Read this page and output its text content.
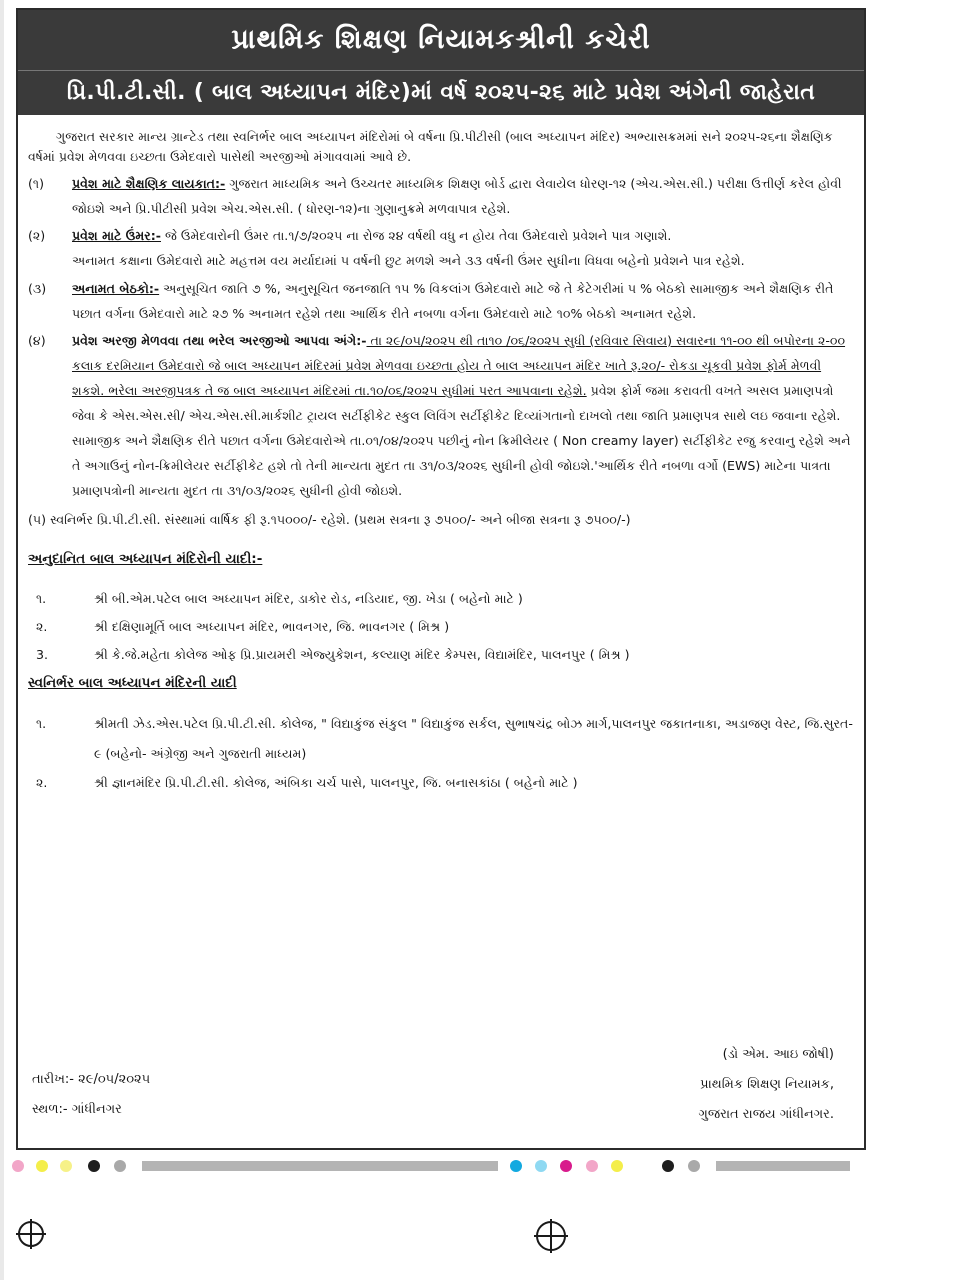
પ્રાથમિક શિક્ષણ નિયામકશ્રીની કચેરી
પ્રિ.પી.ટી.સી. ( બાલ અધ્યાપન મંદિર)માં વર્ષ ૨૦૨૫-૨૬ માટે પ્રવેશ અંગેની જાહેરાત

ગુજરાત સરકાર માન્ય ગ્રાન્ટેડ તથા સ્વનિર્ભર બાલ અધ્યાપન મંદિરોમાં બે વર્ષના પ્રિ.પીટીસી (બાલ અધ્યાપન મંદિર) અભ્યાસક્રમમાં સને ૨૦૨૫-૨૬ના શૈક્ષણિક વર્ષમાં પ્રવેશ મેળવવા ઇચ્છતા ઉમેદવારો પાસેથી અરજીઓ મંગાવવામાં આવે છે.

(૧)	પ્રવેશ માટે શૈક્ષણિક લાયકાત:- ગુજરાત માધ્યમિક અને ઉચ્ચતર માધ્યમિક શિક્ષણ બોર્ડ દ્વારા લેવાયેલ ધોરણ-૧૨ (એચ.એસ.સી.) પરીક્ષા ઉત્તીર્ણ કરેલ હોવી જોઇશે અને પ્રિ.પીટીસી પ્રવેશ એચ.એસ.સી. ( ધોરણ-૧૨)ના ગુણાનુક્રમે મળવાપાત્ર રહેશે.
(૨)	પ્રવેશ માટે ઉંમર:- જે ઉમેદવારોની ઉંમર તા.૧/૭/૨૦૨૫ ના રોજ ૨૪ વર્ષથી વધુ ન હોય તેવા ઉમેદવારો પ્રવેશને પાત્ર ગણાશે.
અનામત કક્ષાના ઉમેદવારો માટે મહત્તમ વય મર્યાદામાં ૫ વર્ષની છુટ મળશે અને ૩૩ વર્ષની ઉંમર સુધીના વિધવા બહેનો પ્રવેશને પાત્ર રહેશે.
(૩)	અનામત બેઠકો:- અનુસૂચિત જાતિ ૭ %, અનુસૂચિત જનજાતિ ૧૫ % વિકલાંગ ઉમેદવારો માટે જે તે કેટેગરીમાં ૫ % બેઠકો સામાજીક અને શૈક્ષણિક રીતે પછાત વર્ગના ઉમેદવારો માટે ૨૭ % અનામત રહેશે તથા આર્થિક રીતે નબળા વર્ગના ઉમેદવારો માટે ૧૦% બેઠકો અનામત રહેશે.
(૪)	પ્રવેશ અરજી મેળવવા તથા ભરેલ અરજીઓ આપવા અંગે:- તા ૨૯/૦૫/૨૦૨૫ થી તા૧૦ /૦૬/૨૦૨૫ સુધી (રવિવાર સિવાય) સવારના ૧૧-૦૦ થી બપોરના ૨-૦૦ કલાક દરમિયાન ઉમેદવારો જે બાલ અધ્યાપન મંદિરમાં પ્રવેશ મેળવવા ઇચ્છતા હોય તે બાલ અધ્યાપન મંદિર ખાતે રૂ.૨૦/- રોકડા ચૂકવી પ્રવેશ ફોર્મ મેળવી શકશે. ભરેલા અરજીપત્રક તે જ બાલ અધ્યાપન મંદિરમાં તા.૧૦/૦૬/૨૦૨૫ સુધીમાં પરત આપવાના રહેશે. પ્રવેશ ફોર્મ જમા કરાવતી વખતે અસલ પ્રમાણપત્રો જેવા કે એસ.એસ.સી/ એચ.એસ.સી.માર્કશીટ ટ્રાયલ સર્ટીફીકેટ સ્કુલ લિવિંગ સર્ટીફીકેટ દિવ્યાંગતાનો દાખલો તથા જાતિ પ્રમાણપત્ર સાથે લઇ જવાના રહેશે. સામાજીક અને શૈક્ષણિક રીતે પછાત વર્ગના ઉમેદવારોએ તા.૦૧/૦૪/૨૦૨૫ પછીનું નોન ક્રિમીલેયર ( Non creamy layer) સર્ટીફીકેટ રજુ કરવાનુ રહેશે અને તે અગાઉનું નોન-ક્રિમીલેયર સર્ટીફીકેટ હશે તો તેની માન્યતા મુદત તા ૩૧/૦૩/૨૦૨૬ સુધીની હોવી જોઇશે.'આર્થિક રીતે નબળા વર્ગો (EWS) માટેના પાત્રતા પ્રમાણપત્રોની માન્યતા મુદત તા ૩૧/૦૩/૨૦૨૬ સુધીની હોવી જોઇશે.
(૫) સ્વનિર્ભર પ્રિ.પી.ટી.સી. સંસ્થામાં વાર્ષિક ફી રૂ.૧૫૦૦૦/- રહેશે. (પ્રથમ સત્રના રૂ ૭૫૦૦/- અને બીજા સત્રના રૂ ૭૫૦૦/-)
અનુદાનિત બાલ અધ્યાપન મંદિરોની યાદી:-
૧.	શ્રી બી.એમ.પટેલ બાલ અધ્યાપન મંદિર, ડાકોર રોડ, નડિયાદ, જી. ખેડા ( બહેનો માટે )
૨.	શ્રી દક્ષિણામૂર્તિ બાલ અધ્યાપન મંદિર, ભાવનગર, જિ. ભાવનગર ( મિશ્ર )
3.	શ્રી કે.જે.મહેતા કોલેજ ઓફ પ્રિ.પ્રાયમરી એજ્યુકેશન, કલ્યાણ મંદિર કેમ્પસ, વિદ્યામંદિર, પાલનપુર ( મિશ્ર )
સ્વનિર્ભર બાલ અધ્યાપન મંદિરની યાદી
૧.	શ્રીમતી ઝેડ.એસ.પટેલ પ્રિ.પી.ટી.સી. કોલેજ, " વિદ્યાકુંજ સંકુલ " વિદ્યાકુંજ સર્કલ, સુભાષચંદ્ર બોઝ માર્ગ,પાલનપુર જકાતનાકા, અડાજણ વેસ્ટ, જિ.સુરત- ૯ (બહેનો- અંગ્રેજી અને ગુજરાતી માધ્યમ)
૨.	શ્રી જ્ઞાનમંદિર પ્રિ.પી.ટી.સી. કોલેજ, અંબિકા ચર્ચ પાસે, પાલનપુર, જિ. બનાસકાંઠા ( બહેનો માટે )
તારીખ:- ૨૯/૦૫/૨૦૨૫
સ્થળ:- ગાંધીનગર
(ડો એમ. આઇ જોષી)
પ્રાથમિક શિક્ષણ નિયામક,
ગુજરાત રાજય ગાંધીનગર.
